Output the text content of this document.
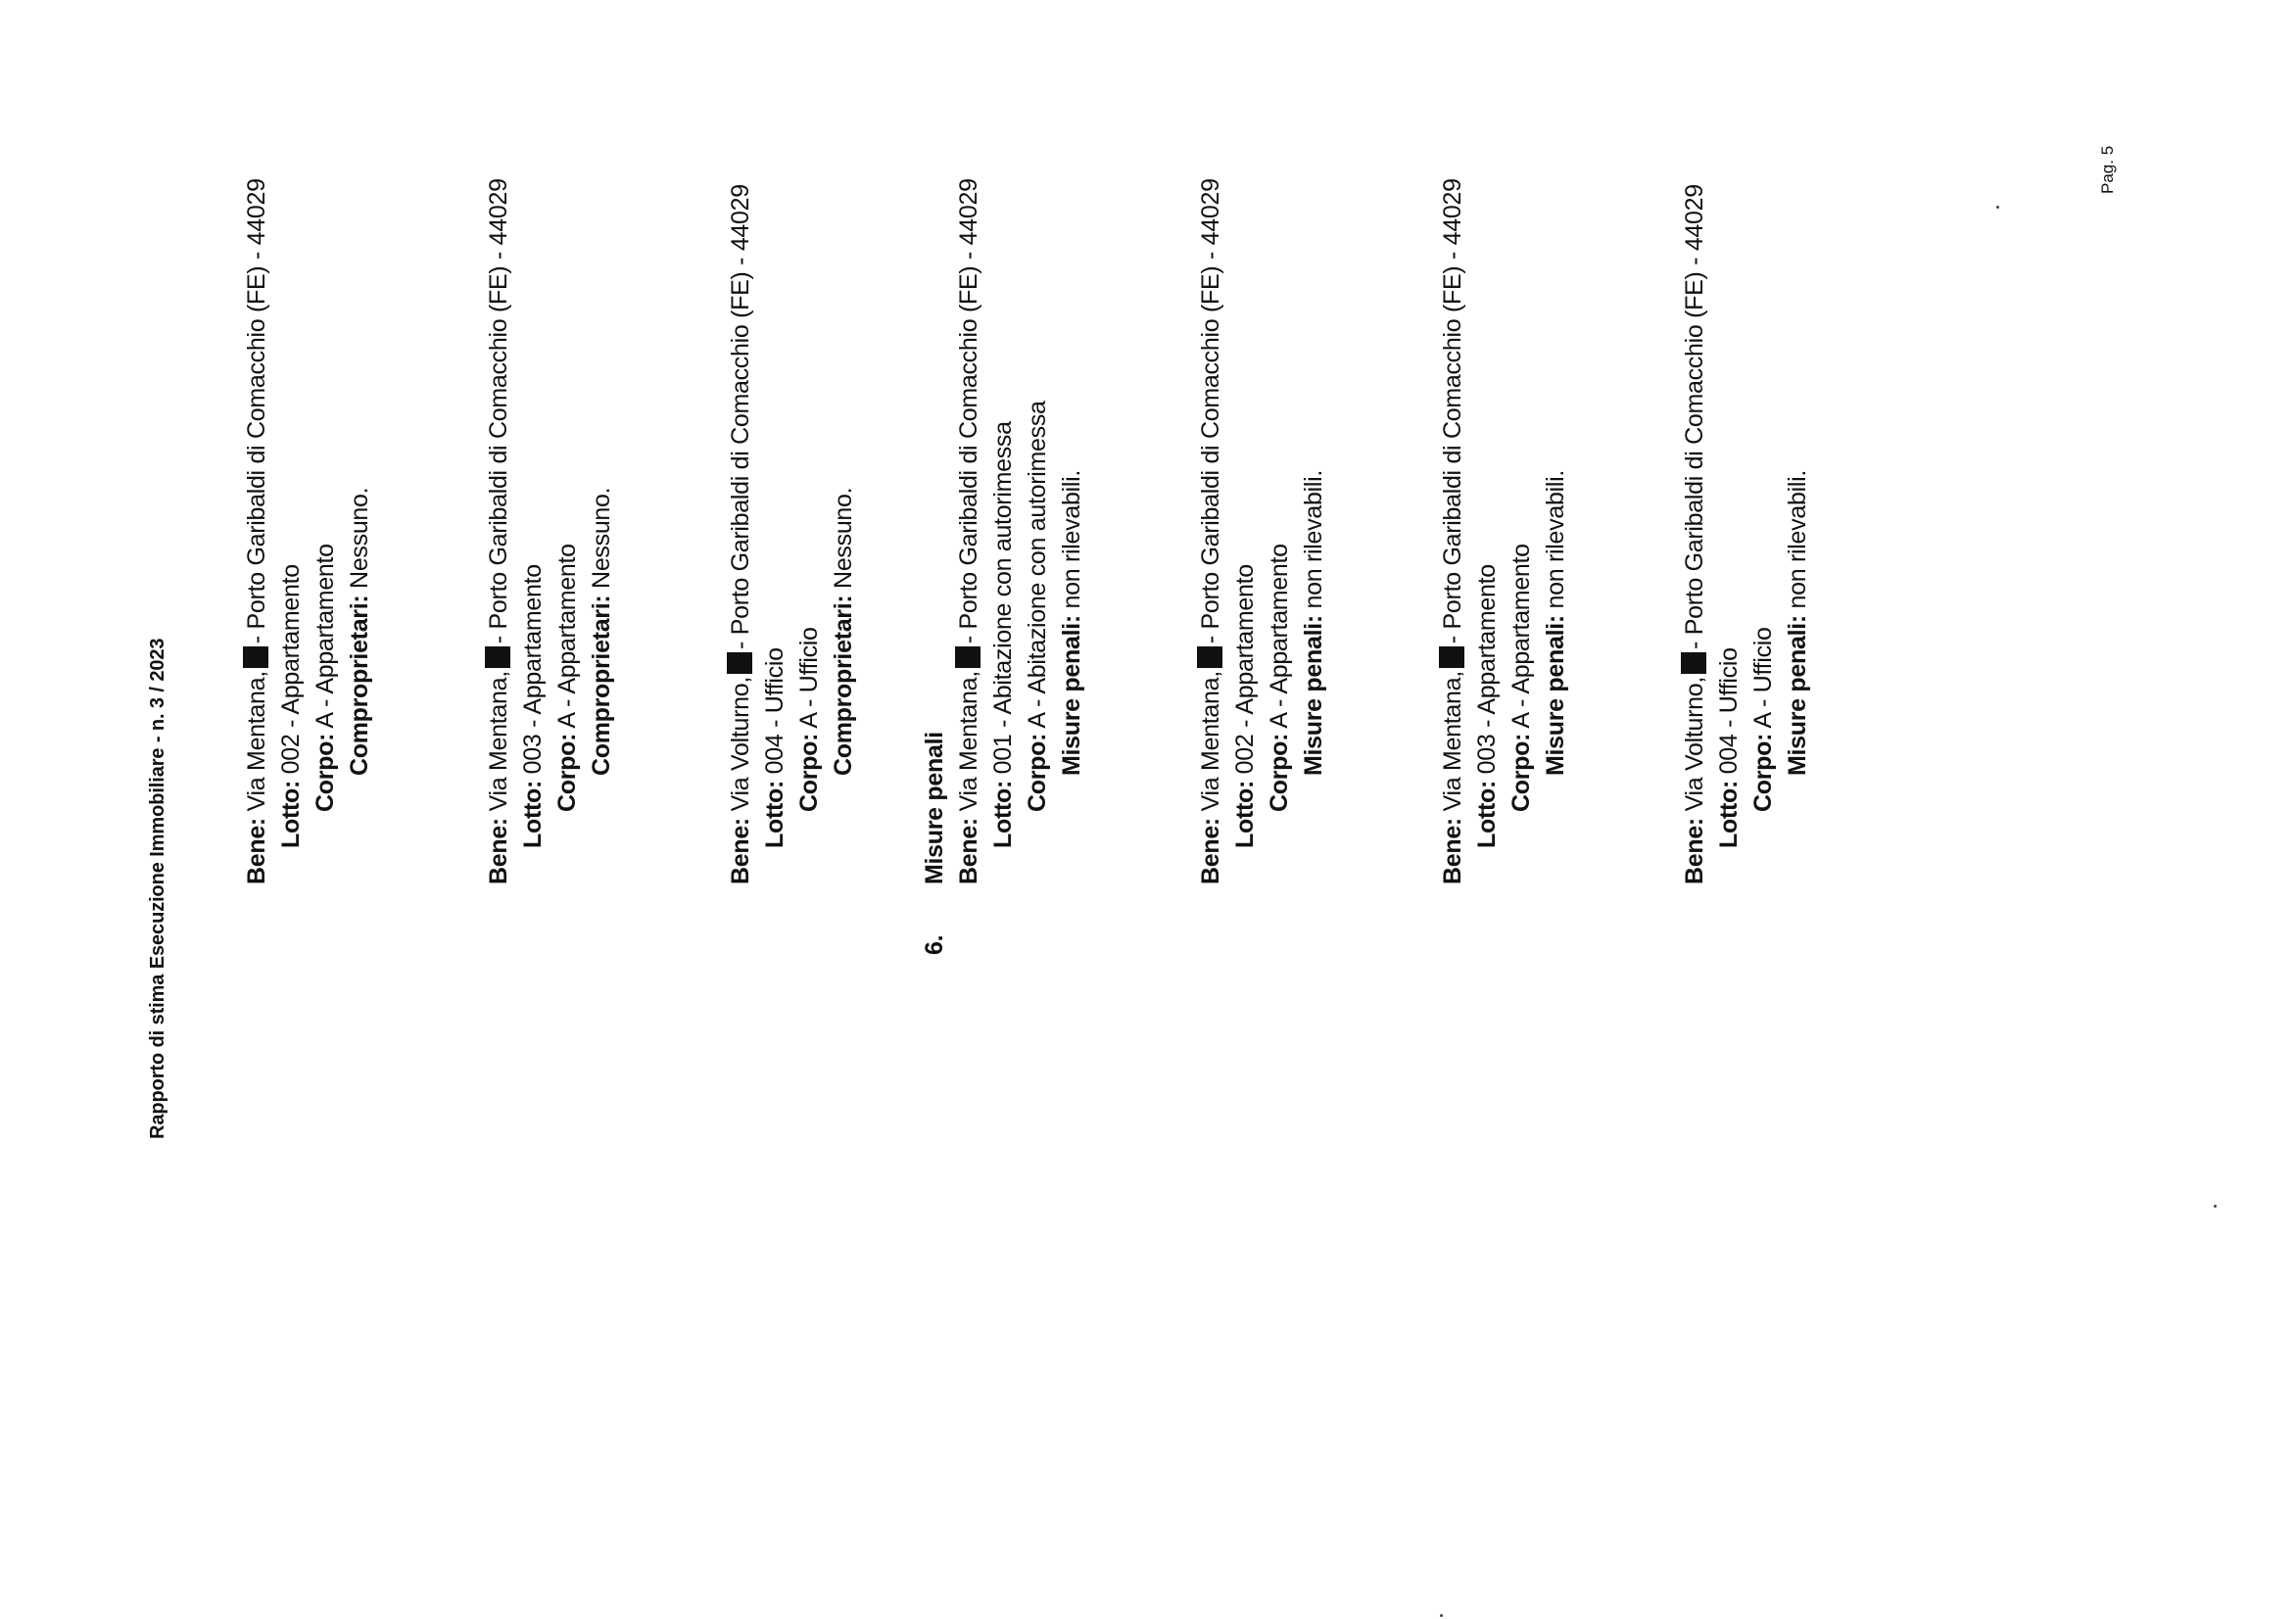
Rapporto di stima Esecuzione Immobiliare - n. 3 / 2023	Bene: Via Mentana,- Porto Garibaldi di Comacchio (FE) - 44029
Lotto: 002 - Appartamento Corpo: A - Appartamento Comproprietari: Nessuno.
Bene: Via Mentana,- Porto Garibaldi di Comacchio (FE) - 44029
Lotto: 003 - Appartamento Corpo: A - Appartamento Comproprietari: Nessuno.
Bene: Via Volturno,- Porto Garibaldi di Comacchio (FE) - 44029
Lotto: 004 - Ufficio Corpo: A - Ufficio Comproprietari: Nessuno.
6.
Misure penali Bene: Via Mentana,- Porto Garibaldi di Comacchio (FE) - 44029
Lotto: 001 - Abitazione con autorimessa Corpo: A - Abitazione con autorimessa Misure penali: non rilevabili.
Bene: Via Mentana,- Porto Garibaldi di Comacchio (FE) - 44029
Lotto: 002 - Appartamento Corpo: A - Appartamento Misure penali: non rilevabili.
Bene: Via Mentana,- Porto Garibaldi di Comacchio (FE) - 44029
Lotto: 003 - Appartamento Corpo: A - Appartamento Misure penali: non rilevabili.
Bene: Via Volturno,- Porto Garibaldi di Comacchio (FE) - 44029
Lotto: 004 - Ufficio Corpo: A - Ufficio Misure penali: non rilevabili.
Pag. 5
